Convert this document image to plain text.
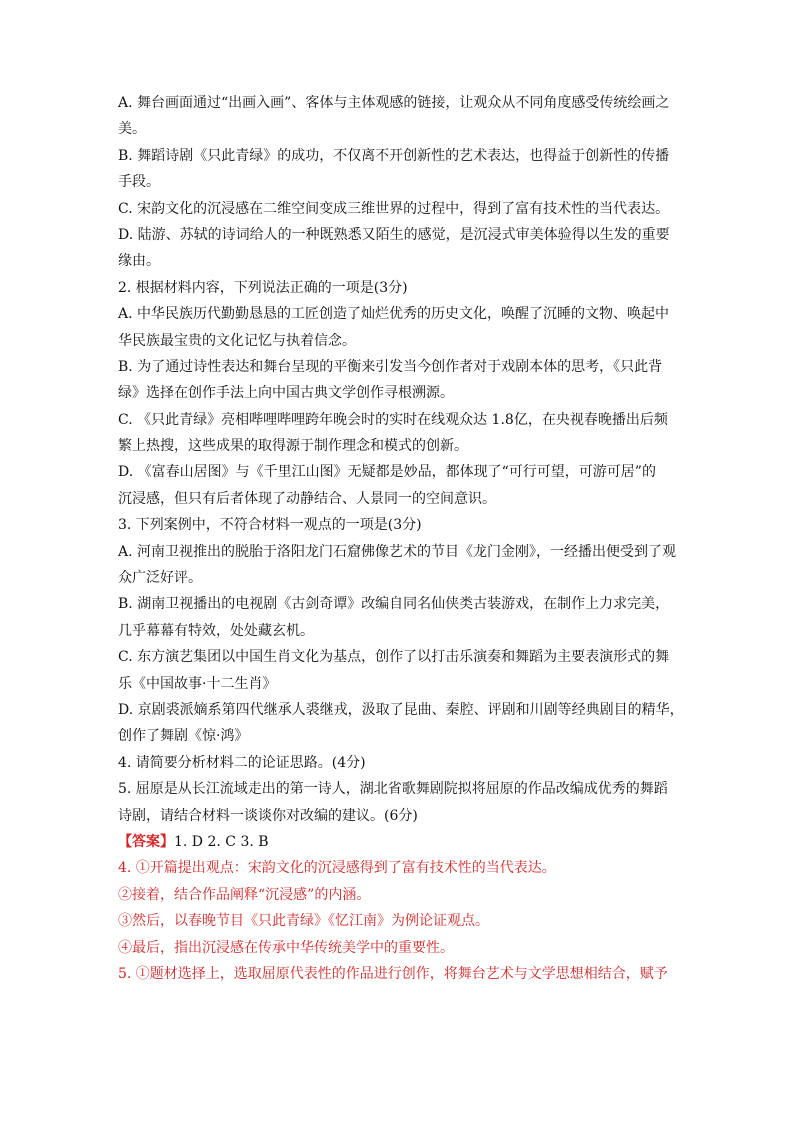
A. 舞台画面通过“出画入画”、客体与主体观感的链接，让观众从不同角度感受传统绘画之
美。
B. 舞蹈诗剧《只此青绿》的成功，不仅离不开创新性的艺术表达，也得益于创新性的传播
手段。
C. 宋韵文化的沉浸感在二维空间变成三维世界的过程中，得到了富有技术性的当代表达。
D. 陆游、苏轼的诗词给人的一种既熟悉又陌生的感觉，是沉浸式审美体验得以生发的重要
缘由。
2. 根据材料内容，下列说法正确的一项是(3分)
A. 中华民族历代勤勤恳恳的工匠创造了灿烂优秀的历史文化，唤醒了沉睡的文物、唤起中
华民族最宝贵的文化记忆与执着信念。
B. 为了通过诗性表达和舞台呈现的平衡来引发当今创作者对于戏剧本体的思考，《只此背
绿》选择在创作手法上向中国古典文学创作寻根溯源。
C. 《只此青绿》亮相哔哩哔哩跨年晚会时的实时在线观众达 1.8亿，在央视春晚播出后频
繁上热搜，这些成果的取得源于制作理念和模式的创新。
D. 《富春山居图》与《千里江山图》无疑都是妙品，都体现了“可行可望，可游可居”的
沉浸感，但只有后者体现了动静结合、人景同一的空间意识。
3. 下列案例中，不符合材料一观点的一项是(3分)
A. 河南卫视推出的脱胎于洛阳龙门石窟佛像艺术的节目《龙门金刚》，一经播出便受到了观
众广泛好评。
B. 湖南卫视播出的电视剧《古剑奇谭》改编自同名仙侠类古装游戏，在制作上力求完美，
几乎幕幕有特效，处处藏玄机。
C. 东方演艺集团以中国生肖文化为基点，创作了以打击乐演奏和舞蹈为主要表演形式的舞
乐《中国故事·十二生肖》
D. 京剧裘派嫡系第四代继承人裘继戎，汲取了昆曲、秦腔、评剧和川剧等经典剧目的精华，
创作了舞剧《惊·鸿》
4. 请简要分析材料二的论证思路。(4分)
5. 屈原是从长江流域走出的第一诗人，湖北省歌舞剧院拟将屈原的作品改编成优秀的舞蹈
诗剧，请结合材料一谈谈你对改编的建议。(6分)
【答案】1. D 2. C 3. B
4. ①开篇提出观点：宋韵文化的沉浸感得到了富有技术性的当代表达。
②接着，结合作品阐释“沉浸感”的内涵。
③然后，以春晚节目《只此青绿》《忆江南》为例论证观点。
④最后，指出沉浸感在传承中华传统美学中的重要性。
5. ①题材选择上，选取屈原代表性的作品进行创作，将舞台艺术与文学思想相结合，赋予
